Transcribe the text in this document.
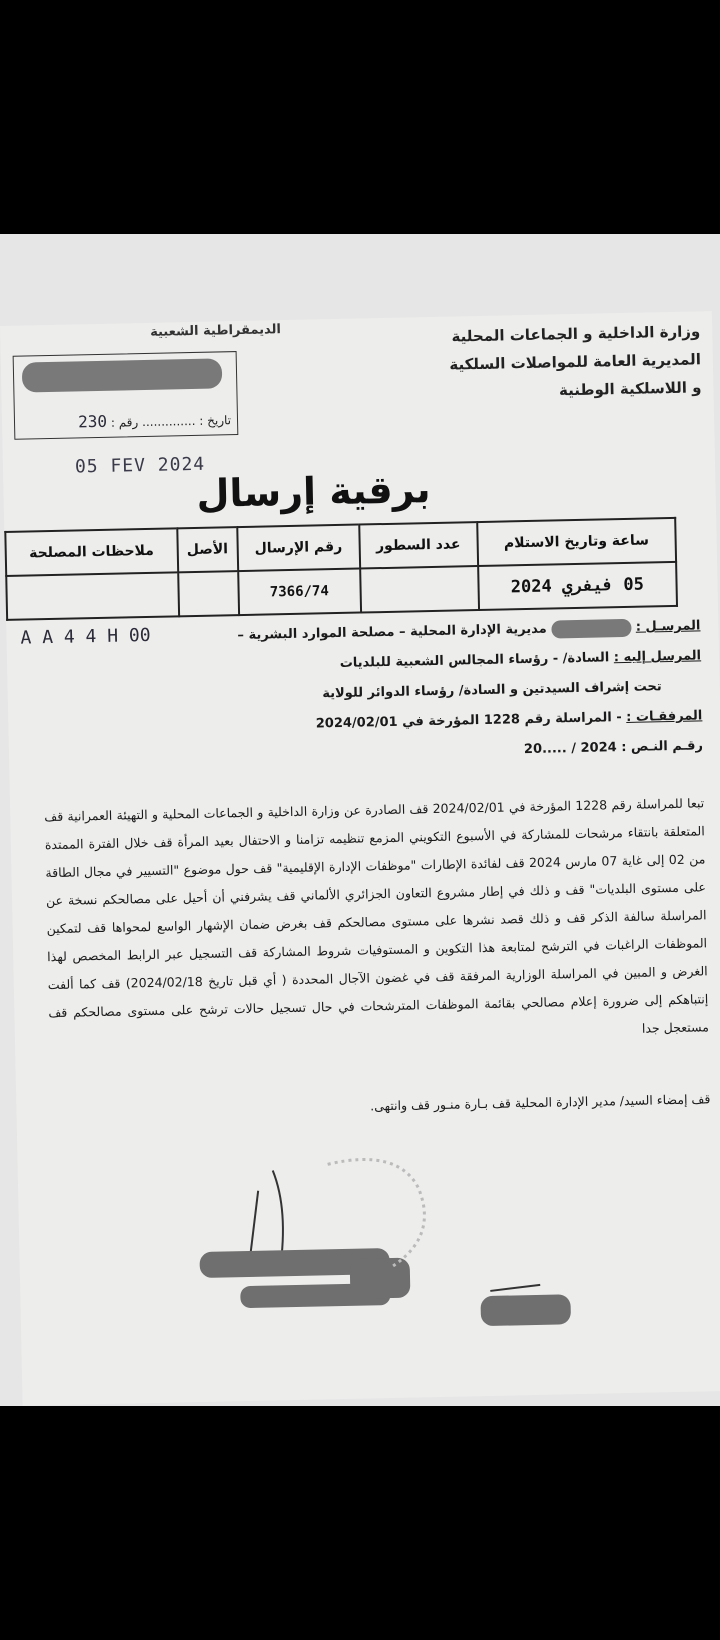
وزارة الداخلية و الجماعات المحلية
المديرية العامة للمواصلات السلكية
و اللاسلكية الوطنية
الديمقراطية الشعبية
تاريخ : .............. رقم : 230
05 FEV 2024
برقية إرسال
ساعة وتاريخ الاستلام	عدد السطور	رقم الإرسال	الأصل	ملاحظات المصلحة
05 فيفري 2024		7366/74		
A A 4 4 H 00	المرسـل :  مديرية الإدارة المحلية – مصلحة الموارد البشرية –
المرسل إليه : السادة/ - رؤساء المجالس الشعبية للبلديات
تحت إشراف السيدتين و السادة/ رؤساء الدوائر للولاية
المرفقـات : - المراسلة رقم 1228 المؤرخة في 2024/02/01
رقـم النـص : 2024 / .....20
تبعا للمراسلة رقم 1228 المؤرخة في 2024/02/01 قف الصادرة عن وزارة الداخلية و الجماعات المحلية و التهيئة العمرانية قف المتعلقة بانتقاء مرشحات للمشاركة في الأسبوع التكويني المزمع تنظيمه تزامنا و الاحتفال بعيد المرأة قف خلال الفترة الممتدة من 02 إلى غاية 07 مارس 2024 قف لفائدة الإطارات "موظفات الإدارة الإقليمية" قف حول موضوع "التسيير في مجال الطاقة على مستوى البلديات" قف و ذلك في إطار مشروع التعاون الجزائري الألماني قف يشرفني أن أحيل على مصالحكم نسخة عن المراسلة سالفة الذكر قف و ذلك قصد نشرها على مستوى مصالحكم قف بغرض ضمان الإشهار الواسع لمحواها قف لتمكين الموظفات الراغبات في الترشح لمتابعة هذا التكوين و المستوفيات شروط المشاركة قف التسجيل عبر الرابط المخصص لهذا الغرض و المبين في المراسلة الوزارية المرفقة قف في غضون الآجال المحددة ( أي قبل تاريخ 2024/02/18) قف كما ألفت إنتباهكم إلى ضرورة إعلام مصالحي بقائمة الموظفات المترشحات في حال تسجيل حالات ترشح على مستوى مصالحكم قف مستعجل جدا
قف إمضاء السيد/ مدير الإدارة المحلية قف بـارة منـور قف وانتهى.
